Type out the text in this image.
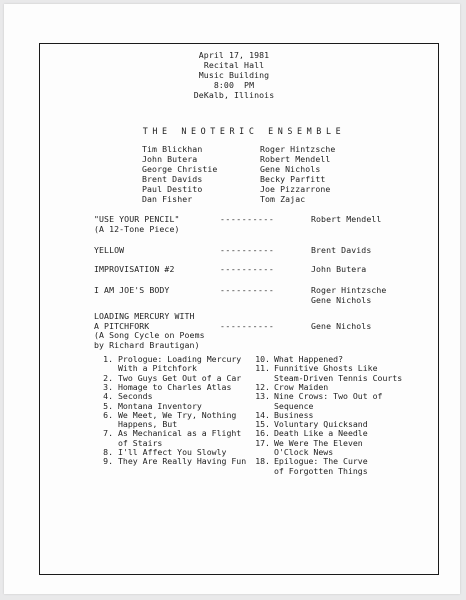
April 17, 1981
Recital Hall
Music Building
8:00  PM
DeKalb, Illinois
THE NEOTERIC ENSEMBLE
Tim Blickhan
John Butera
George Christie
Brent Davids
Paul Destito
Dan Fisher
Roger Hintzsche
Robert Mendell
Gene Nichols
Becky Parfitt
Joe Pizzarrone
Tom Zajac
"USE YOUR PENCIL"
(A 12-Tone Piece)
----------	Robert Mendell
YELLOW	----------	Brent Davids
IMPROVISATION #2	----------	John Butera
I AM JOE'S BODY	----------	Roger Hintzsche
Gene Nichols
LOADING MERCURY WITH
A PITCHFORK
(A Song Cycle on Poems
by Richard Brautigan)
----------	Gene Nichols
1. Prologue: Loading Mercury
With a Pitchfork
2. Two Guys Get Out of a Car
3. Homage to Charles Atlas
4. Seconds
5. Montana Inventory
6. We Meet, We Try, Nothing
Happens, But
7. As Mechanical as a Flight
of Stairs
8. I'll Affect You Slowly
9. They Are Really Having Fun
10. What Happened?
11. Funnitive Ghosts Like
Steam-Driven Tennis Courts
12. Crow Maiden
13. Nine Crows: Two Out of
Sequence
14. Business
15. Voluntary Quicksand
16. Death Like a Needle
17. We Were The Eleven
O'Clock News
18. Epilogue: The Curve
of Forgotten Things
